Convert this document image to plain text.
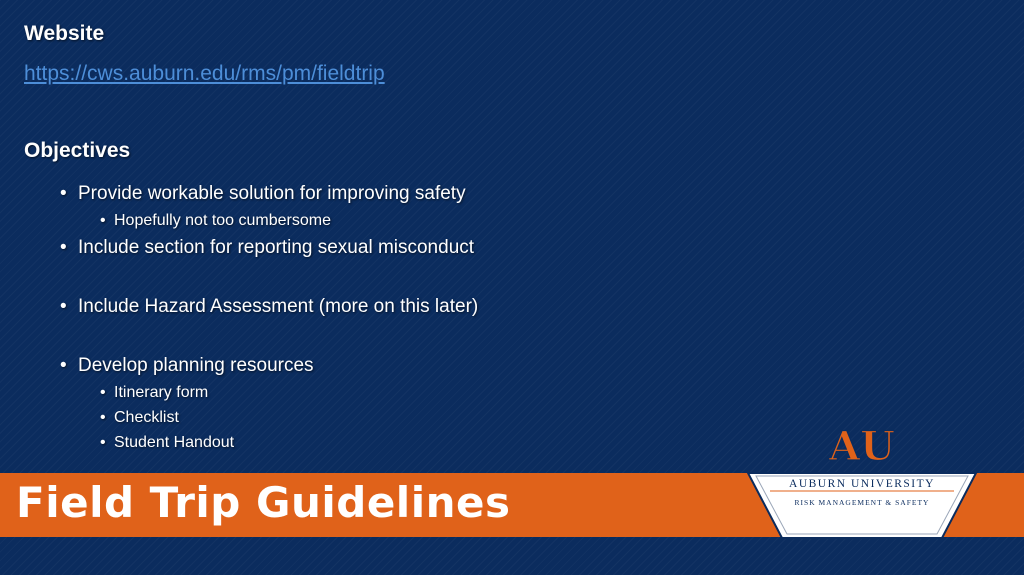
Website
https://cws.auburn.edu/rms/pm/fieldtrip
Objectives
• Provide workable solution for improving safety
• Hopefully not too cumbersome
• Include section for reporting sexual misconduct
• Include Hazard Assessment (more on this later)
• Develop planning resources
• Itinerary form
• Checklist
• Student Handout
Field Trip Guidelines
AU
AUBURN UNIVERSITY
RISK MANAGEMENT & SAFETY
